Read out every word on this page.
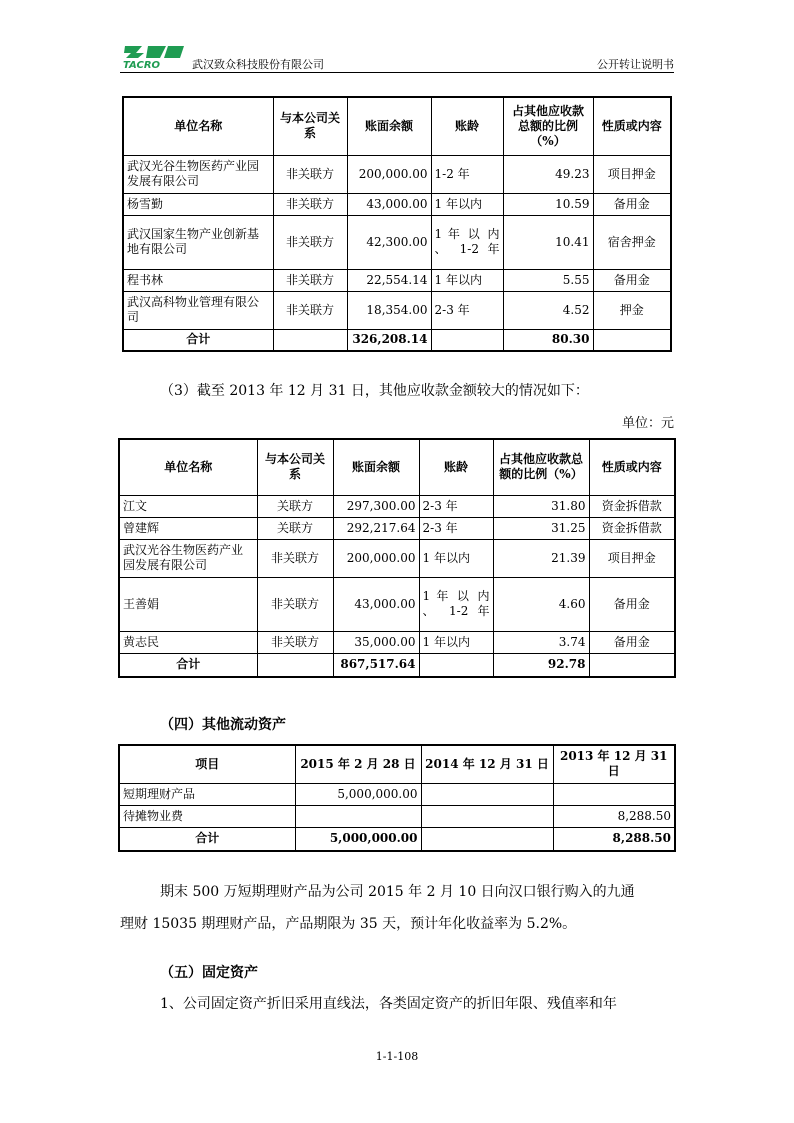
TACRO	武汉致众科技股份有限公司	公开转让说明书
单位名称	与本公司关系	账面余额	账龄	占其他应收款总额的比例（%）	性质或内容
武汉光谷生物医药产业园发展有限公司	非关联方	200,000.00	1-2 年	49.23	项目押金
杨雪勤	非关联方	43,000.00	1 年以内	10.59	备用金
武汉国家生物产业创新基地有限公司	非关联方	42,300.00	1 年 以 内 、 1-2 年	10.41	宿舍押金
程书林	非关联方	22,554.14	1 年以内	5.55	备用金
武汉高科物业管理有限公司	非关联方	18,354.00	2-3 年	4.52	押金
合计		326,208.14		80.30	
（3）截至 2013 年 12 月 31 日，其他应收款金额较大的情况如下：
单位：元
单位名称	与本公司关系	账面余额	账龄	占其他应收款总额的比例（%）	性质或内容
江文	关联方	297,300.00	2-3 年	31.80	资金拆借款
曾建辉	关联方	292,217.64	2-3 年	31.25	资金拆借款
武汉光谷生物医药产业园发展有限公司	非关联方	200,000.00	1 年以内	21.39	项目押金
王善娟	非关联方	43,000.00	1 年 以 内 、 1-2 年	4.60	备用金
黄志民	非关联方	35,000.00	1 年以内	3.74	备用金
合计		867,517.64		92.78	
（四）其他流动资产
项目	2015 年 2 月 28 日	2014 年 12 月 31 日	2013 年 12 月 31 日
短期理财产品	5,000,000.00		
待摊物业费			8,288.50
合计	5,000,000.00		8,288.50
期末 500 万短期理财产品为公司 2015 年 2 月 10 日向汉口银行购入的九通
理财 15035 期理财产品，产品期限为 35 天，预计年化收益率为 5.2%。
（五）固定资产
1、公司固定资产折旧采用直线法，各类固定资产的折旧年限、残值率和年
1-1-108
